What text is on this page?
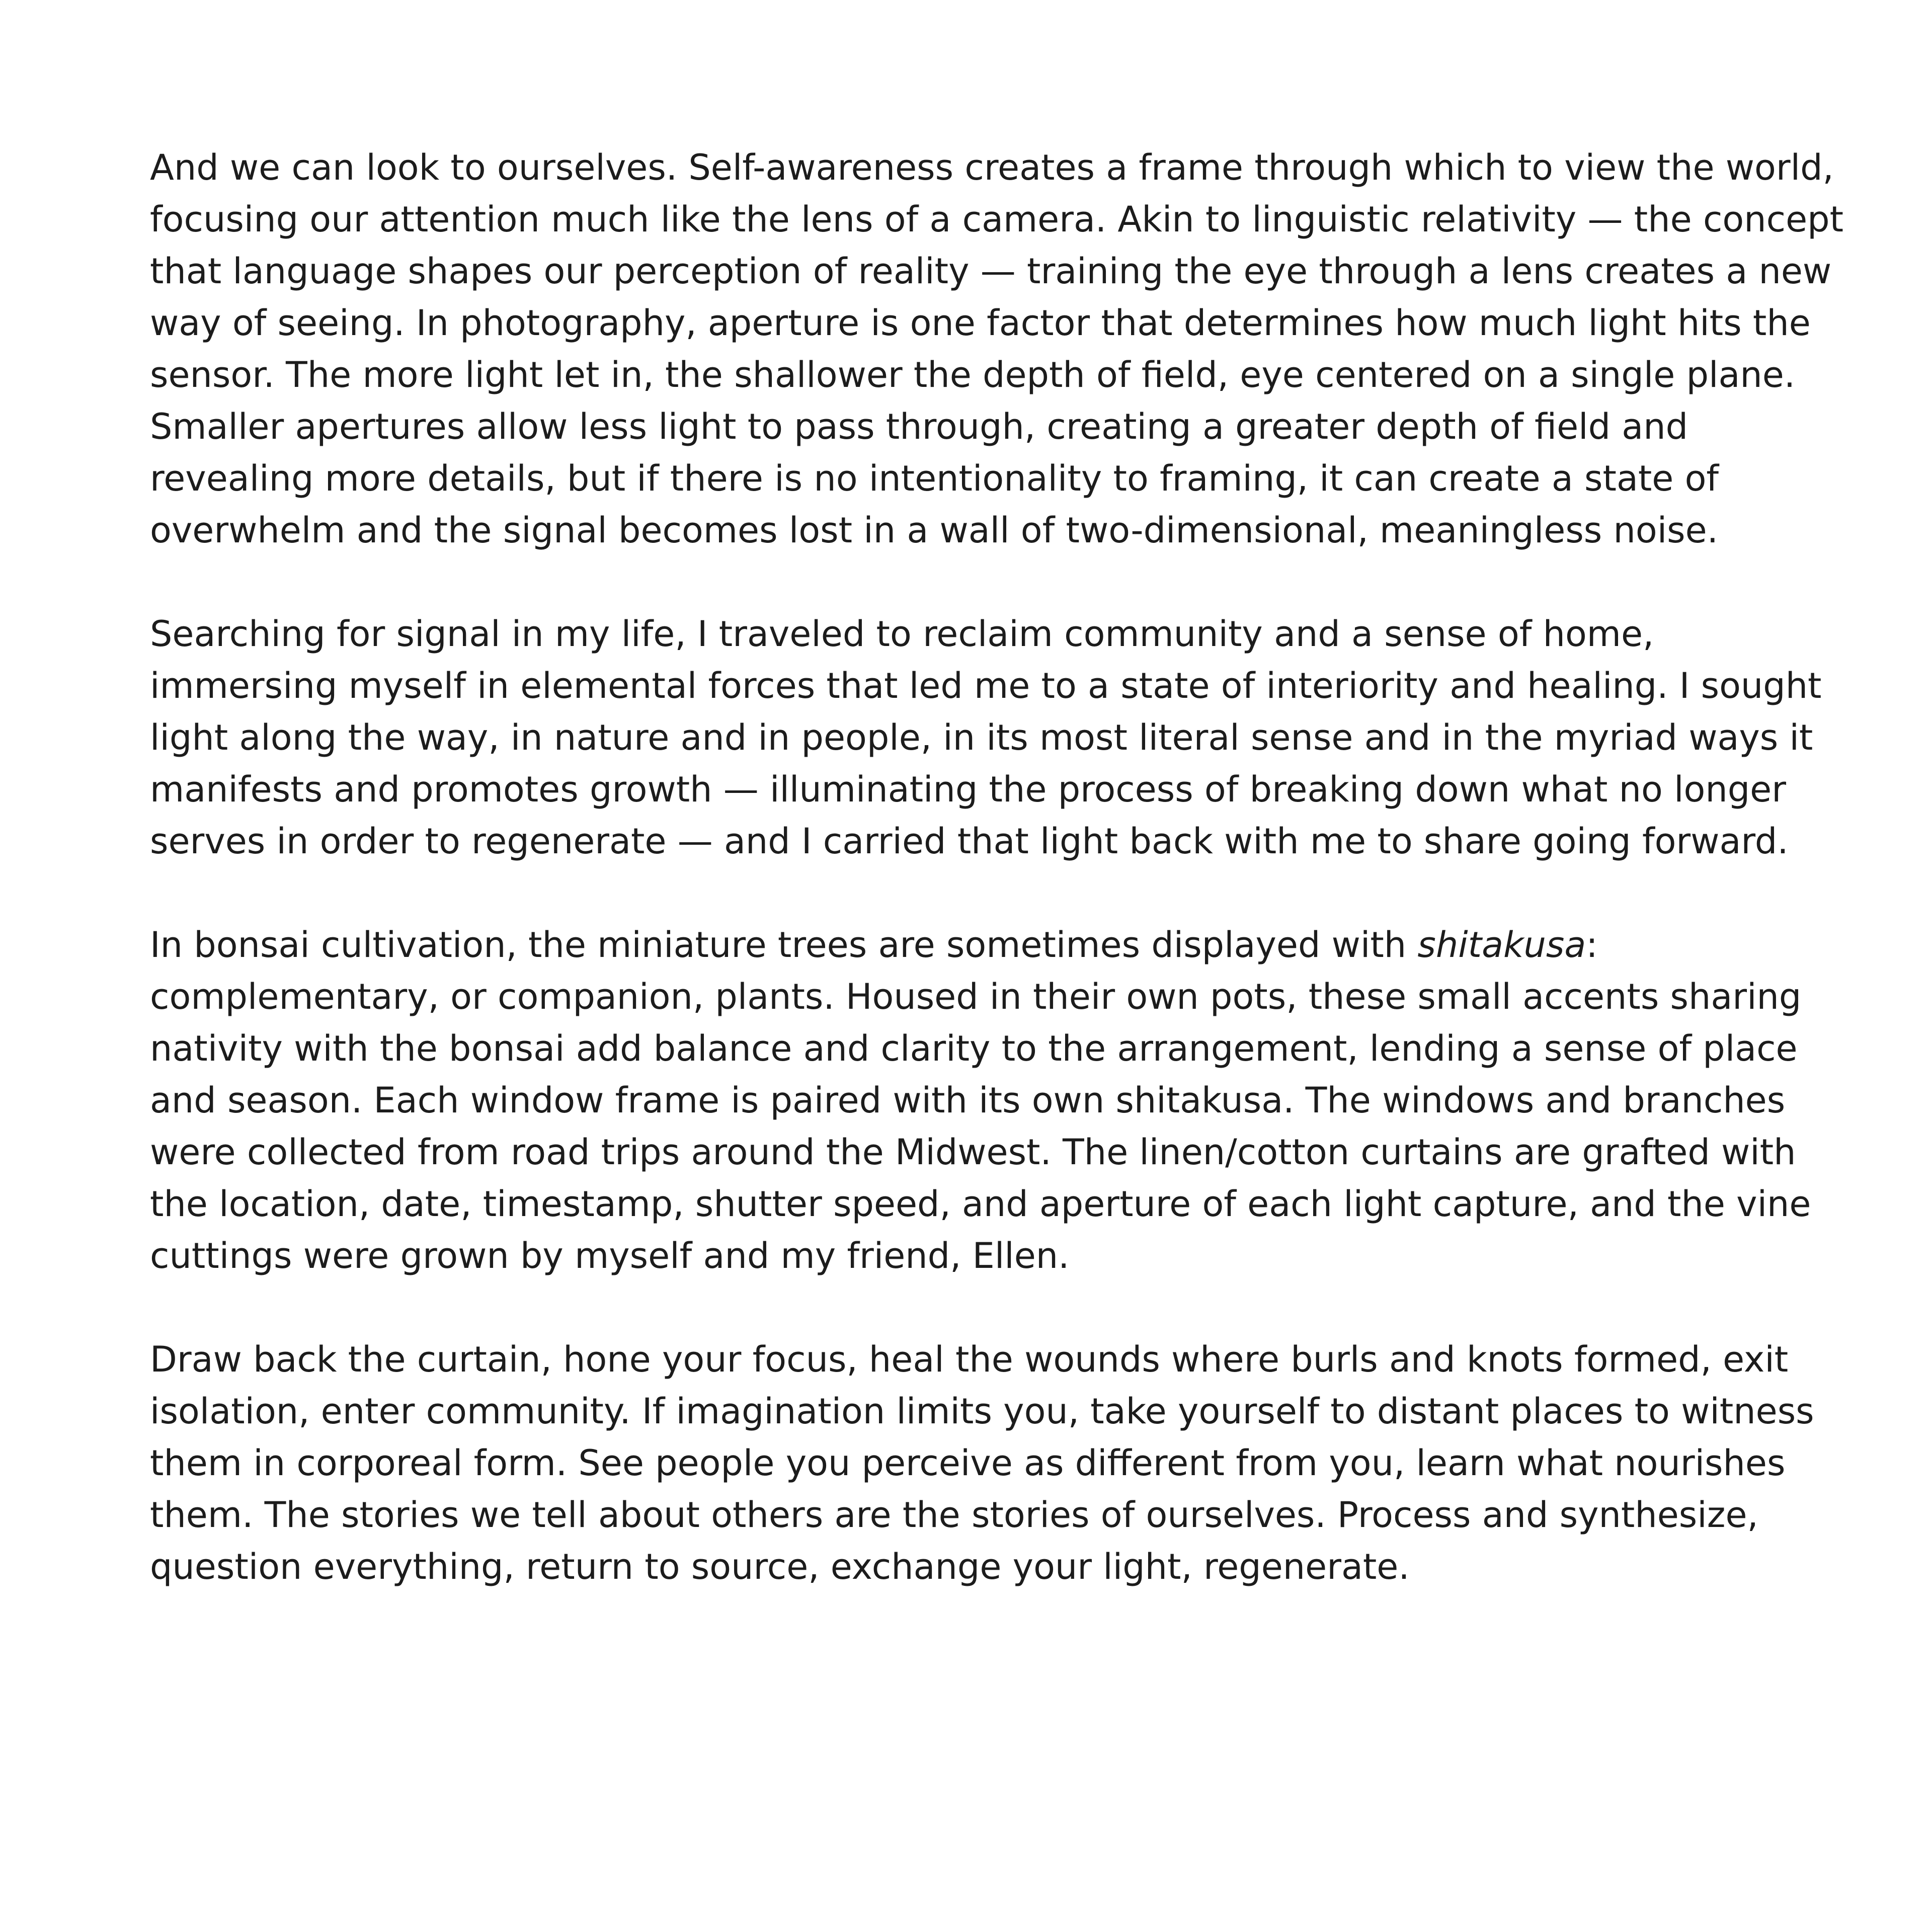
And we can look to ourselves. Self-awareness creates a frame through which to view the world,
focusing our attention much like the lens of a camera. Akin to linguistic relativity — the concept
that language shapes our perception of reality — training the eye through a lens creates a new
way of seeing. In photography, aperture is one factor that determines how much light hits the
sensor. The more light let in, the shallower the depth of field, eye centered on a single plane.
Smaller apertures allow less light to pass through, creating a greater depth of field and
revealing more details, but if there is no intentionality to framing, it can create a state of
overwhelm and the signal becomes lost in a wall of two-dimensional, meaningless noise.

Searching for signal in my life, I traveled to reclaim community and a sense of home,
immersing myself in elemental forces that led me to a state of interiority and healing. I sought
light along the way, in nature and in people, in its most literal sense and in the myriad ways it
manifests and promotes growth — illuminating the process of breaking down what no longer
serves in order to regenerate — and I carried that light back with me to share going forward.

In bonsai cultivation, the miniature trees are sometimes displayed with shitakusa:
complementary, or companion, plants. Housed in their own pots, these small accents sharing
nativity with the bonsai add balance and clarity to the arrangement, lending a sense of place
and season. Each window frame is paired with its own shitakusa. The windows and branches
were collected from road trips around the Midwest. The linen/cotton curtains are grafted with
the location, date, timestamp, shutter speed, and aperture of each light capture, and the vine
cuttings were grown by myself and my friend, Ellen.

Draw back the curtain, hone your focus, heal the wounds where burls and knots formed, exit
isolation, enter community. If imagination limits you, take yourself to distant places to witness
them in corporeal form. See people you perceive as different from you, learn what nourishes
them. The stories we tell about others are the stories of ourselves. Process and synthesize,
question everything, return to source, exchange your light, regenerate.
